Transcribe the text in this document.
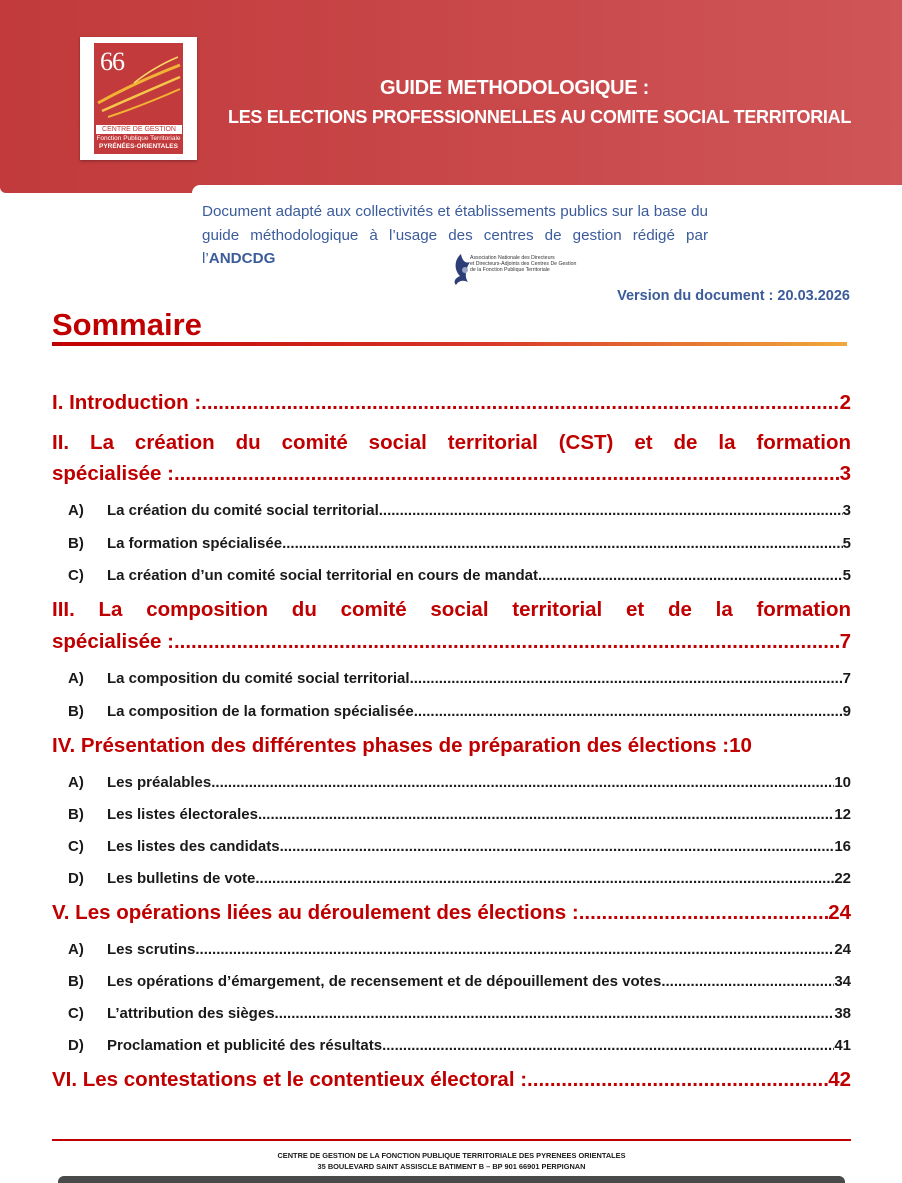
66
CENTRE DE GESTION
Fonction Publique Territoriale
PYRÉNÉES-ORIENTALES
GUIDE METHODOLOGIQUE :
LES ELECTIONS PROFESSIONNELLES AU COMITE SOCIAL TERRITORIAL
Document adapté aux collectivités et établissements publics sur la base du guide méthodologique à l’usage des centres de gestion rédigé par l’ANDCDG	Association Nationale des Directeurs
et Directeurs-Adjoints des Centres De Gestion
de la Fonction Publique Territoriale
Version du document : 20.03.2026
Sommaire
I. Introduction : .....	2
II. La création du comité social territorial (CST) et de la formation
spécialisée : .....	3
A) La création du comité social territorial .....	3
B) La formation spécialisée .....	5
C) La création d’un comité social territorial en cours de mandat .....	5
III. La composition du comité social territorial et de la formation
spécialisée : .....	7
A) La composition du comité social territorial .....	7
B) La composition de la formation spécialisée .....	9
IV. Présentation des différentes phases de préparation des élections : 10
A) Les préalables .....	10
B) Les listes électorales .....	12
C) Les listes des candidats .....	16
D) Les bulletins de vote .....	22
V. Les opérations liées au déroulement des élections : .....	24
A) Les scrutins .....	24
B) Les opérations d’émargement, de recensement et de dépouillement des votes .....	34
C) L’attribution des sièges .....	38
D) Proclamation et publicité des résultats .....	41
VI. Les contestations et le contentieux électoral : .....	42
CENTRE DE GESTION DE LA FONCTION PUBLIQUE TERRITORIALE DES PYRENEES ORIENTALES
35 BOULEVARD SAINT ASSISCLE BATIMENT B – BP 901 66901 PERPIGNAN
